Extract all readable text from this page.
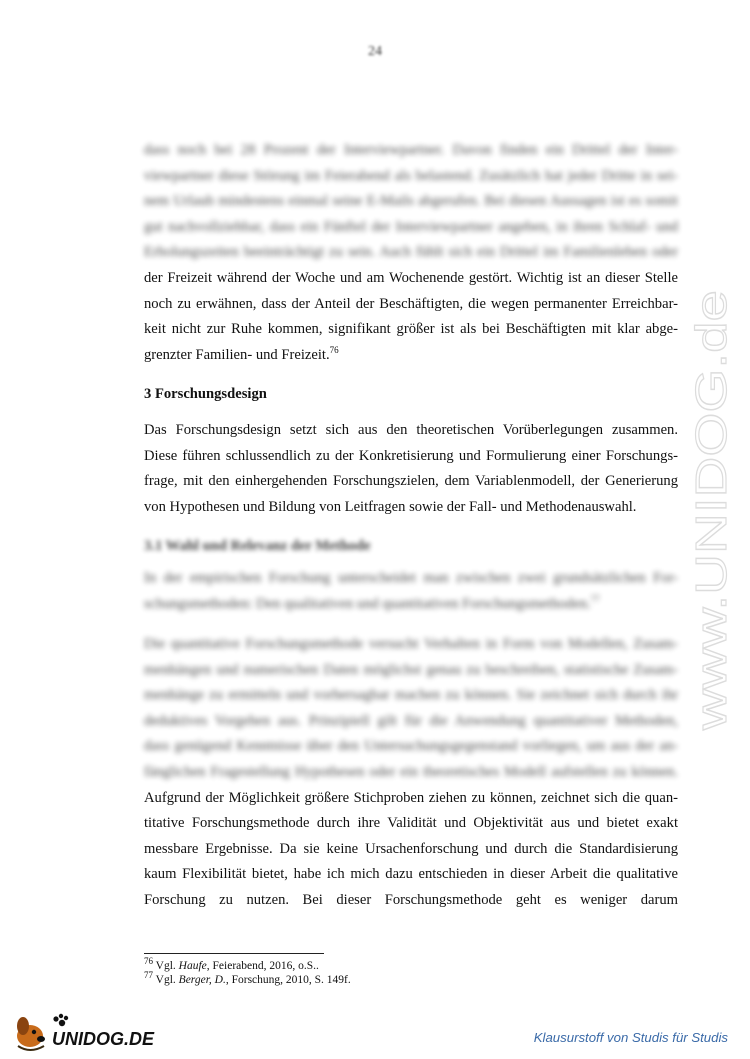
24
dass noch bei 28 Prozent der Interviewpartner. Davon finden ein Drittel der Inter-
viewpartner diese Störung im Feierabend als belastend. Zusätzlich hat jeder Dritte in sei-
nem Urlaub mindestens einmal seine E-Mails abgerufen. Bei diesen Aussagen ist es somit
gut nachvollziehbar, dass ein Fünftel der Interviewpartner angeben, in ihren Schlaf- und
Erholungszeiten beeinträchtigt zu sein. Auch fühlt sich ein Drittel im Familienleben oder
der Freizeit während der Woche und am Wochenende gestört. Wichtig ist an dieser Stelle
noch zu erwähnen, dass der Anteil der Beschäftigten, die wegen permanenter Erreichbar-
keit nicht zur Ruhe kommen, signifikant größer ist als bei Beschäftigten mit klar abge-
grenzter Familien- und Freizeit.$^{76}$
3 Forschungsdesign
Das Forschungsdesign setzt sich aus den theoretischen Vorüberlegungen zusammen.
Diese führen schlussendlich zu der Konkretisierung und Formulierung einer Forschungs-
frage, mit den einhergehenden Forschungszielen, dem Variablenmodell, der Generierung
von Hypothesen und Bildung von Leitfragen sowie der Fall- und Methodenauswahl.
3.1 Wahl und Relevanz der Methode
In der empirischen Forschung unterscheidet man zwischen zwei grundsätzlichen For-
schungsmethoden: Den qualitativen und quantitativen Forschungsmethoden.$^{77}$
Die quantitative Forschungsmethode versucht Verhalten in Form von Modellen, Zusam-
menhängen und numerischen Daten möglichst genau zu beschreiben, statistische Zusam-
menhänge zu ermitteln und vorhersagbar machen zu können. Sie zeichnet sich durch ihr
deduktives Vorgehen aus. Prinzipiell gilt für die Anwendung quantitativer Methoden,
dass genügend Kenntnisse über den Untersuchungsgegenstand vorliegen, um aus der an-
fänglichen Fragestellung Hypothesen oder ein theoretisches Modell aufstellen zu können.
Aufgrund der Möglichkeit größere Stichproben ziehen zu können, zeichnet sich die quan-
titative Forschungsmethode durch ihre Validität und Objektivität aus und bietet exakt
messbare Ergebnisse. Da sie keine Ursachenforschung und durch die Standardisierung
kaum Flexibilität bietet, habe ich mich dazu entschieden in dieser Arbeit die qualitative
Forschung zu nutzen. Bei dieser Forschungsmethode geht es weniger darum
$^{76}$ Vgl. Haufe, Feierabend, 2016, o.S..
$^{77}$ Vgl. Berger, D., Forschung, 2010, S. 149f.
www.UNIDOG.de
UNIDOG.DE	Klausurstoff von Studis für Studis
